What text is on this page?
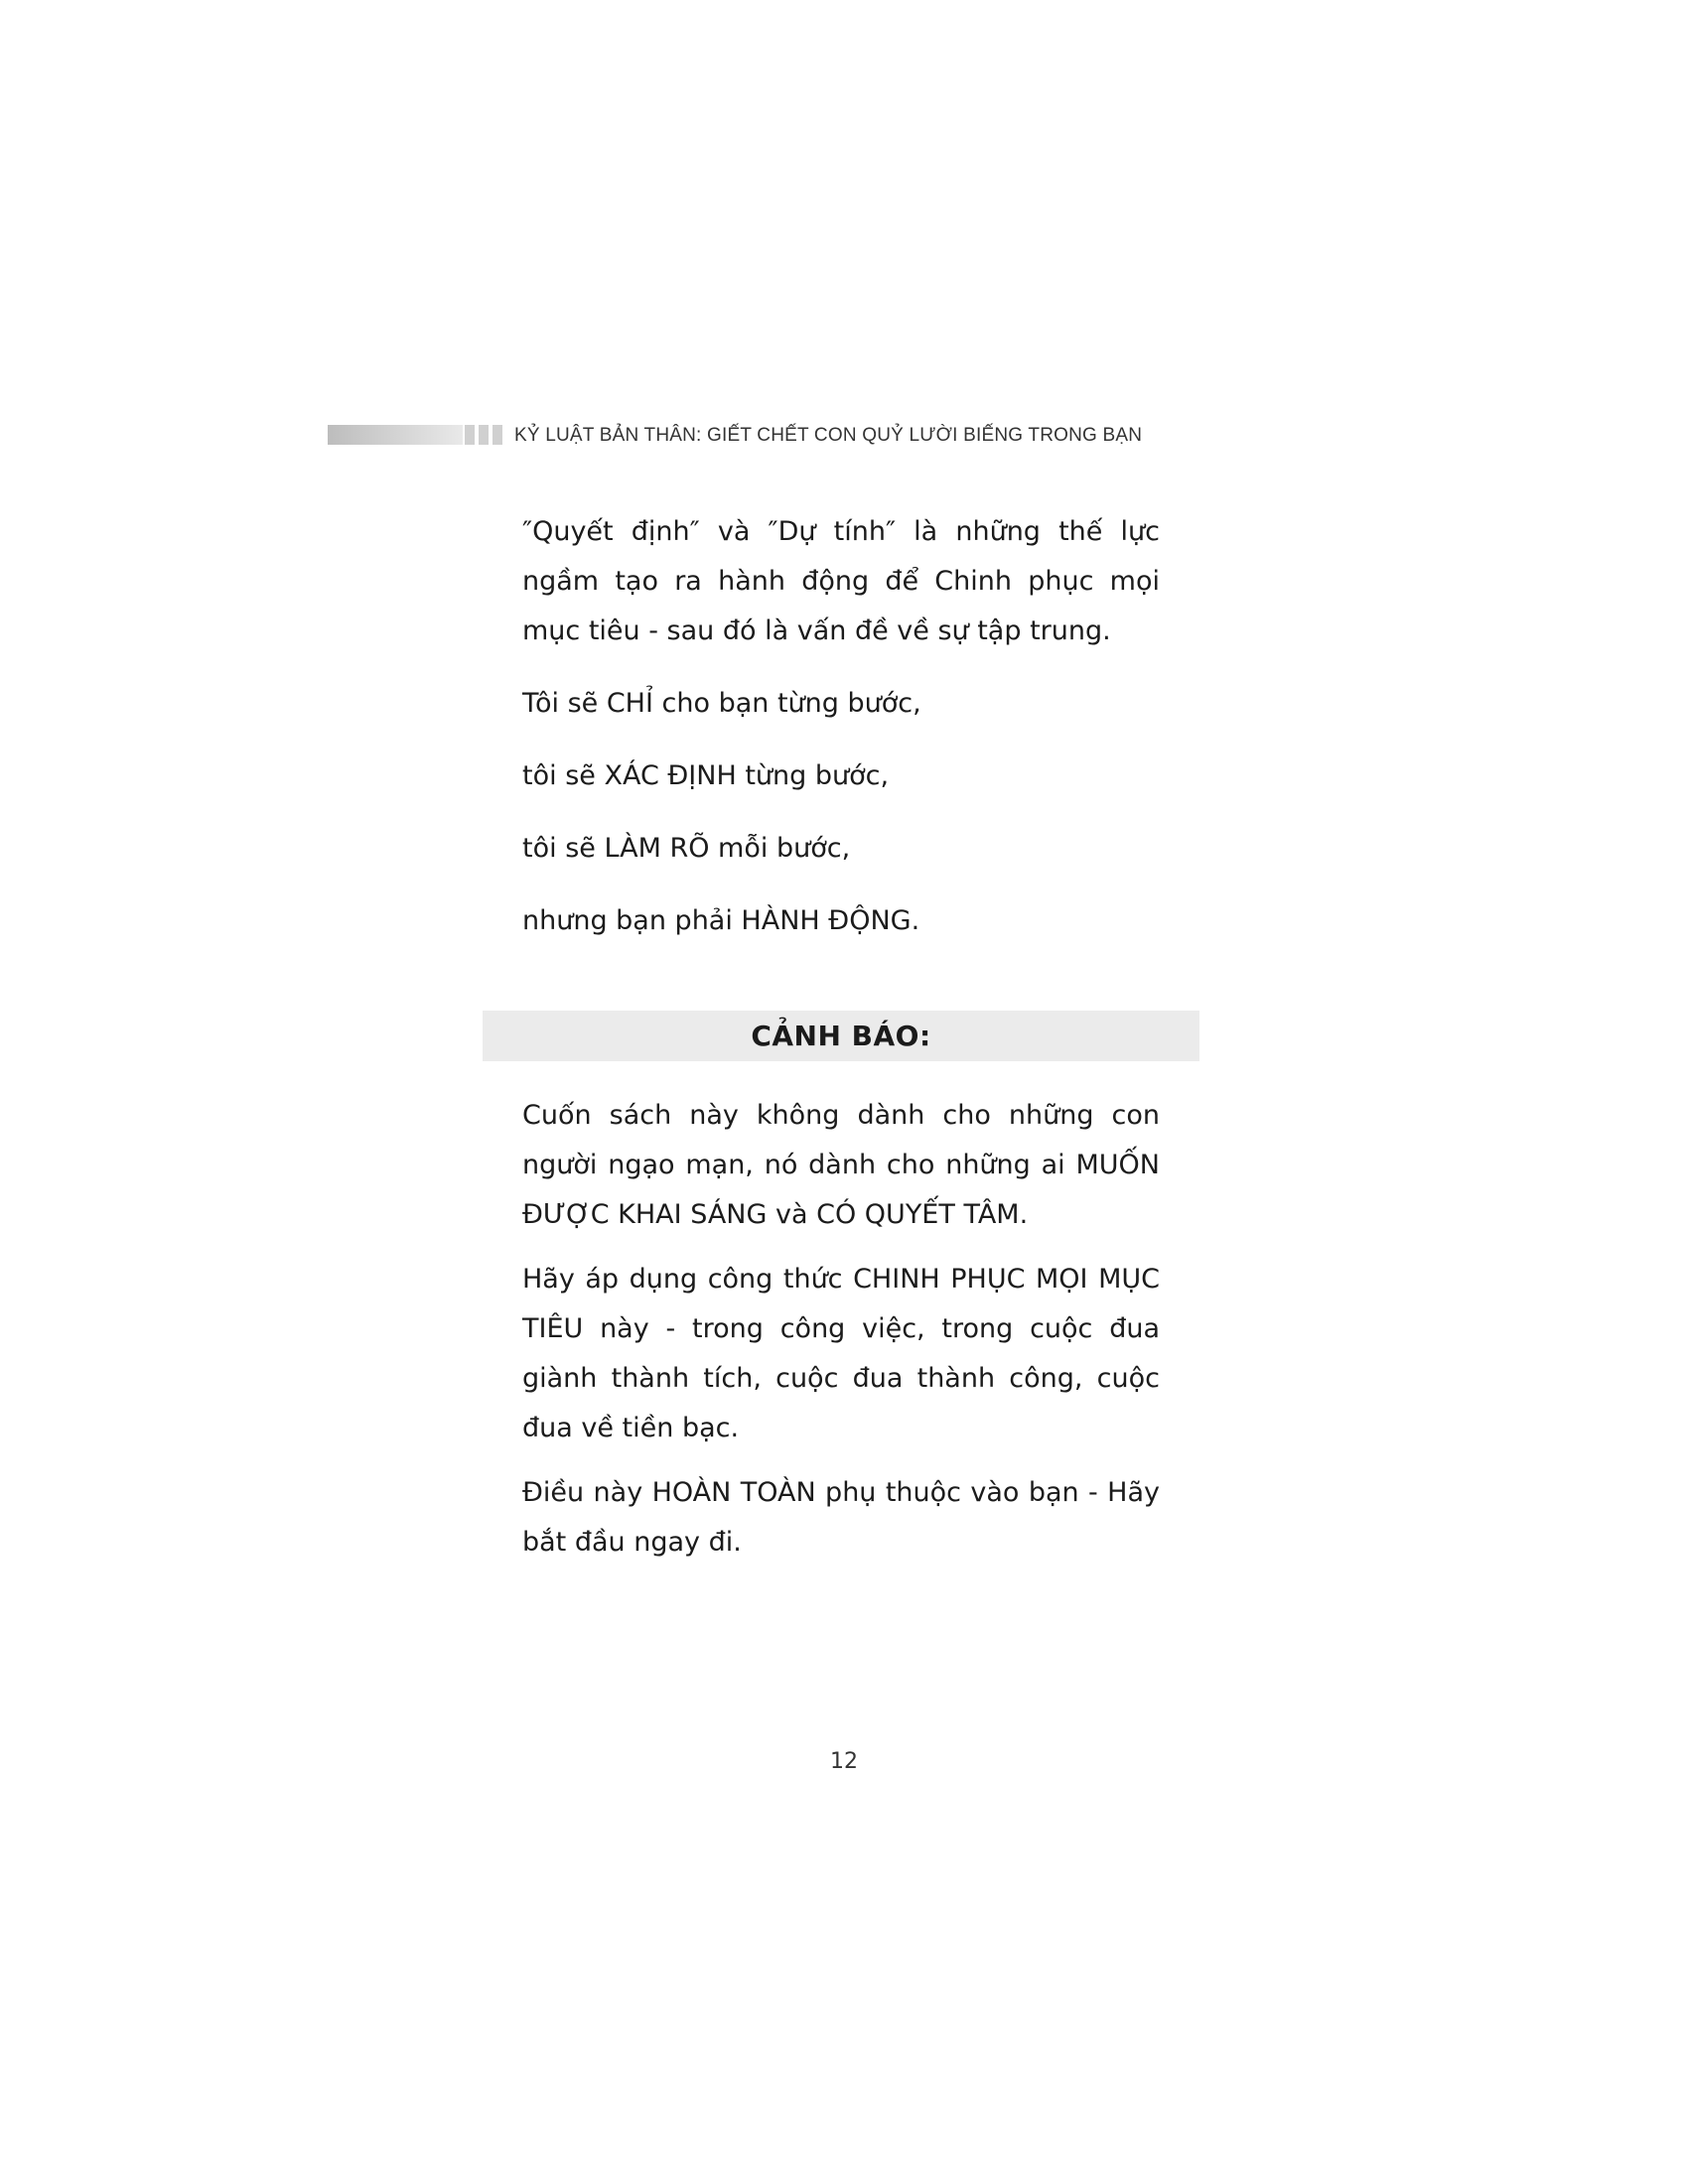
KỶ LUẬT BẢN THÂN: GIẾT CHẾT CON QUỶ LƯỜI BIẾNG TRONG BẠN

″Quyết định″ và ″Dự tính″ là những thế lực ngầm tạo ra hành động để Chinh phục mọi mục tiêu - sau đó là vấn đề về sự tập trung.

Tôi sẽ CHỈ cho bạn từng bước,

tôi sẽ XÁC ĐỊNH từng bước,

tôi sẽ LÀM RÕ mỗi bước,

nhưng bạn phải HÀNH ĐỘNG.

CẢNH BÁO:

Cuốn sách này không dành cho những con người ngạo mạn, nó dành cho những ai MUỐN ĐƯỢC KHAI SÁNG và CÓ QUYẾT TÂM.

Hãy áp dụng công thức CHINH PHỤC MỌI MỤC TIÊU này - trong công việc, trong cuộc đua giành thành tích, cuộc đua thành công, cuộc đua về tiền bạc.

Điều này HOÀN TOÀN phụ thuộc vào bạn - Hãy bắt đầu ngay đi.

12
